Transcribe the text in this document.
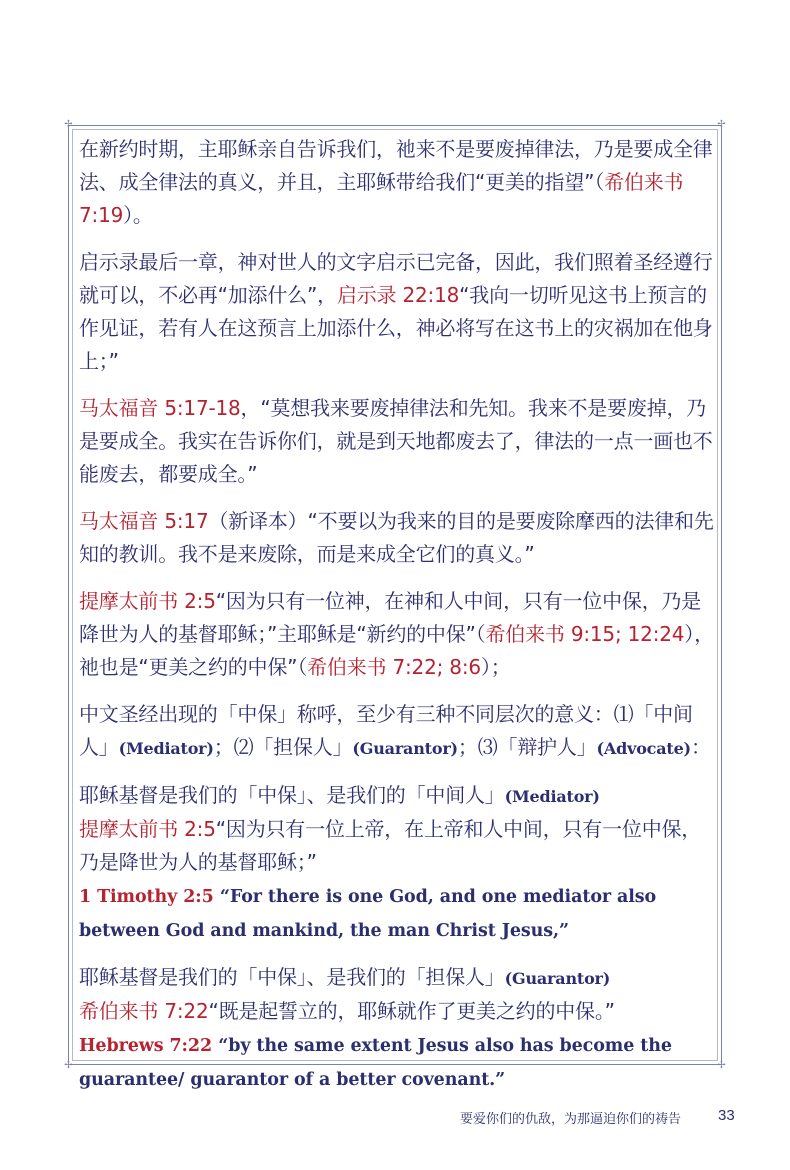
✢	✢
✢	✢

在新约时期，主耶稣亲自告诉我们，祂来不是要废掉律法，乃是要成全律法、成全律法的真义，并且，主耶稣带给我们“更美的指望”（希伯来书 7:19）。

启示录最后一章，神对世人的文字启示已完备，因此，我们照着圣经遵行就可以，不必再“加添什么”，启示录 22:18“我向一切听见这书上预言的作见证，若有人在这预言上加添什么，神必将写在这书上的灾祸加在他身上；”

马太福音 5:17-18，“莫想我来要废掉律法和先知。我来不是要废掉，乃是要成全。我实在告诉你们，就是到天地都废去了，律法的一点一画也不能废去，都要成全。”

马太福音 5:17（新译本）“不要以为我来的目的是要废除摩西的法律和先知的教训。我不是来废除，而是来成全它们的真义。”

提摩太前书 2:5“因为只有一位神，在神和人中间，只有一位中保，乃是降世为人的基督耶稣；”主耶稣是“新约的中保”（希伯来书 9:15; 12:24），祂也是“更美之约的中保”（希伯来书 7:22; 8:6）；

中文圣经出现的「中保」称呼，至少有三种不同层次的意义：⑴「中间人」(Mediator)；⑵「担保人」(Guarantor)；⑶「辩护人」(Advocate)：

耶稣基督是我们的「中保」、是我们的「中间人」(Mediator)
提摩太前书 2:5“因为只有一位上帝，在上帝和人中间，只有一位中保，乃是降世为人的基督耶稣；”
1 Timothy 2:5 “For there is one God, and one mediator also between God and mankind, the man Christ Jesus,”

耶稣基督是我们的「中保」、是我们的「担保人」(Guarantor)
希伯来书 7:22“既是起誓立的，耶稣就作了更美之约的中保。”
Hebrews 7:22 “by the same extent Jesus also has become the guarantee/ guarantor of a better covenant.”

要爱你们的仇敌，为那逼迫你们的祷告 33
